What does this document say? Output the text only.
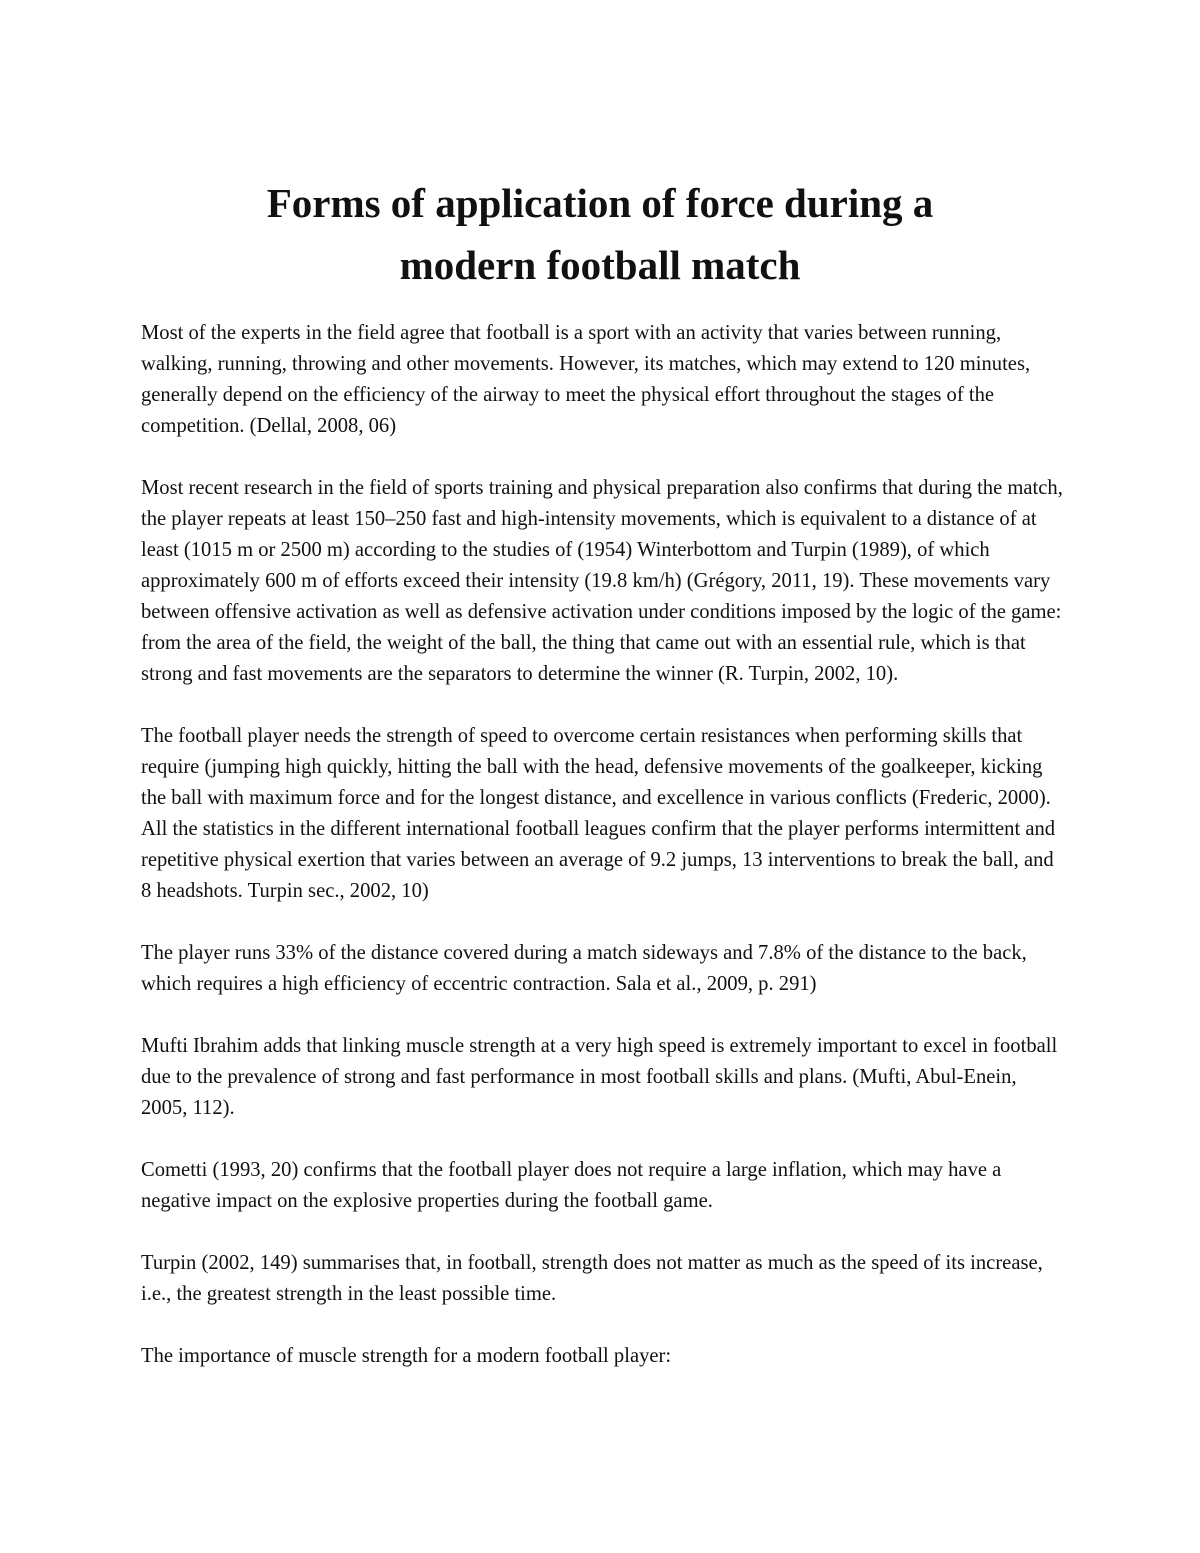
Forms of application of force during a
modern football match

Most of the experts in the field agree that football is a sport with an activity that varies between running, walking, running, throwing and other movements. However, its matches, which may extend to 120 minutes, generally depend on the efficiency of the airway to meet the physical effort throughout the stages of the competition. (Dellal, 2008, 06)

Most recent research in the field of sports training and physical preparation also confirms that during the match, the player repeats at least 150–250 fast and high-intensity movements, which is equivalent to a distance of at least (1015 m or 2500 m) according to the studies of (1954) Winterbottom and Turpin (1989), of which approximately 600 m of efforts exceed their intensity (19.8 km/h) (Grégory, 2011, 19). These movements vary between offensive activation as well as defensive activation under conditions imposed by the logic of the game: from the area of the field, the weight of the ball, the thing that came out with an essential rule, which is that strong and fast movements are the separators to determine the winner (R. Turpin, 2002, 10).

The football player needs the strength of speed to overcome certain resistances when performing skills that require (jumping high quickly, hitting the ball with the head, defensive movements of the goalkeeper, kicking the ball with maximum force and for the longest distance, and excellence in various conflicts (Frederic, 2000). All the statistics in the different international football leagues confirm that the player performs intermittent and repetitive physical exertion that varies between an average of 9.2 jumps, 13 interventions to break the ball, and 8 headshots. Turpin sec., 2002, 10)

The player runs 33% of the distance covered during a match sideways and 7.8% of the distance to the back, which requires a high efficiency of eccentric contraction. Sala et al., 2009, p. 291)

Mufti Ibrahim adds that linking muscle strength at a very high speed is extremely important to excel in football due to the prevalence of strong and fast performance in most football skills and plans. (Mufti, Abul-Enein, 2005, 112).

Cometti (1993, 20) confirms that the football player does not require a large inflation, which may have a negative impact on the explosive properties during the football game.

Turpin (2002, 149) summarises that, in football, strength does not matter as much as the speed of its increase, i.e., the greatest strength in the least possible time.

The importance of muscle strength for a modern football player:
